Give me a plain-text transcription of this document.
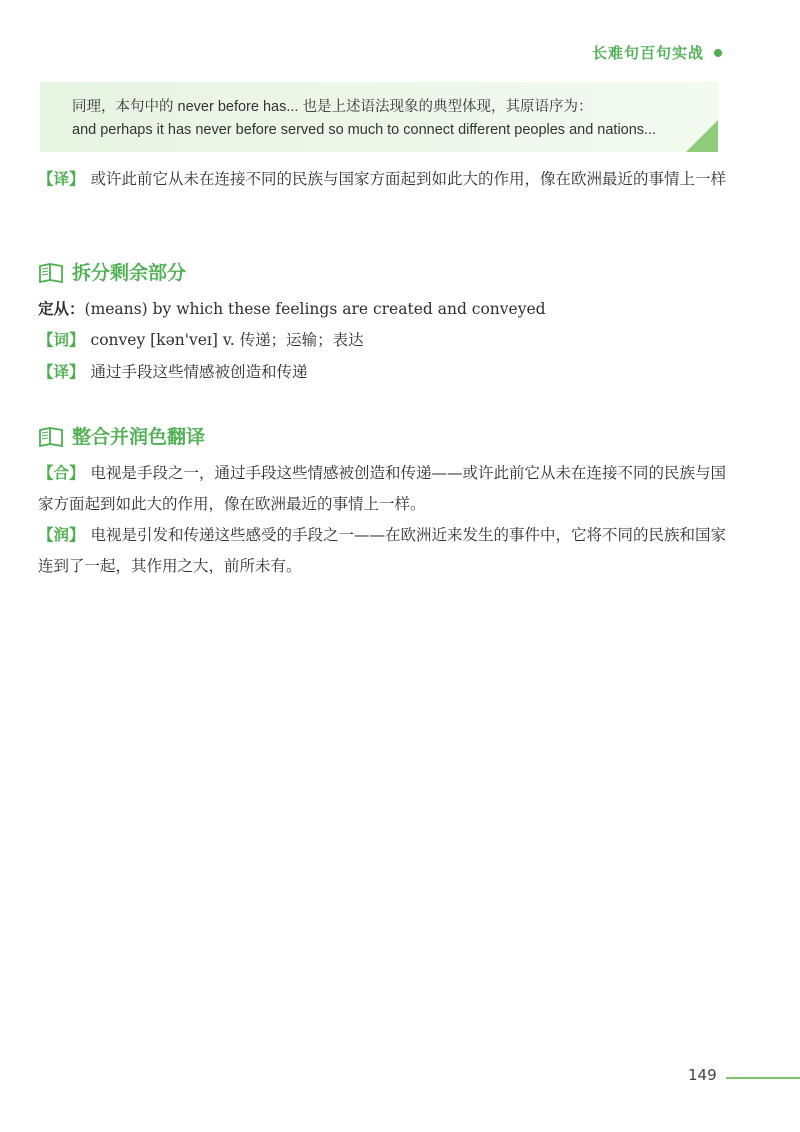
长难句百句实战
同理，本句中的 never before has... 也是上述语法现象的典型体现，其原语序为：
and perhaps it has never before served so much to connect different peoples and nations...
【译】 或许此前它从未在连接不同的民族与国家方面起到如此大的作用，像在欧洲最近的事情上一样
拆分剩余部分
定从：(means) by which these feelings are created and conveyed
【词】 convey [kən'veɪ] v. 传递；运输；表达
【译】 通过手段这些情感被创造和传递
整合并润色翻译
【合】 电视是手段之一，通过手段这些情感被创造和传递——或许此前它从未在连接不同的民族与国家方面起到如此大的作用，像在欧洲最近的事情上一样。
【润】 电视是引发和传递这些感受的手段之一——在欧洲近来发生的事件中，它将不同的民族和国家连到了一起，其作用之大，前所未有。
149
